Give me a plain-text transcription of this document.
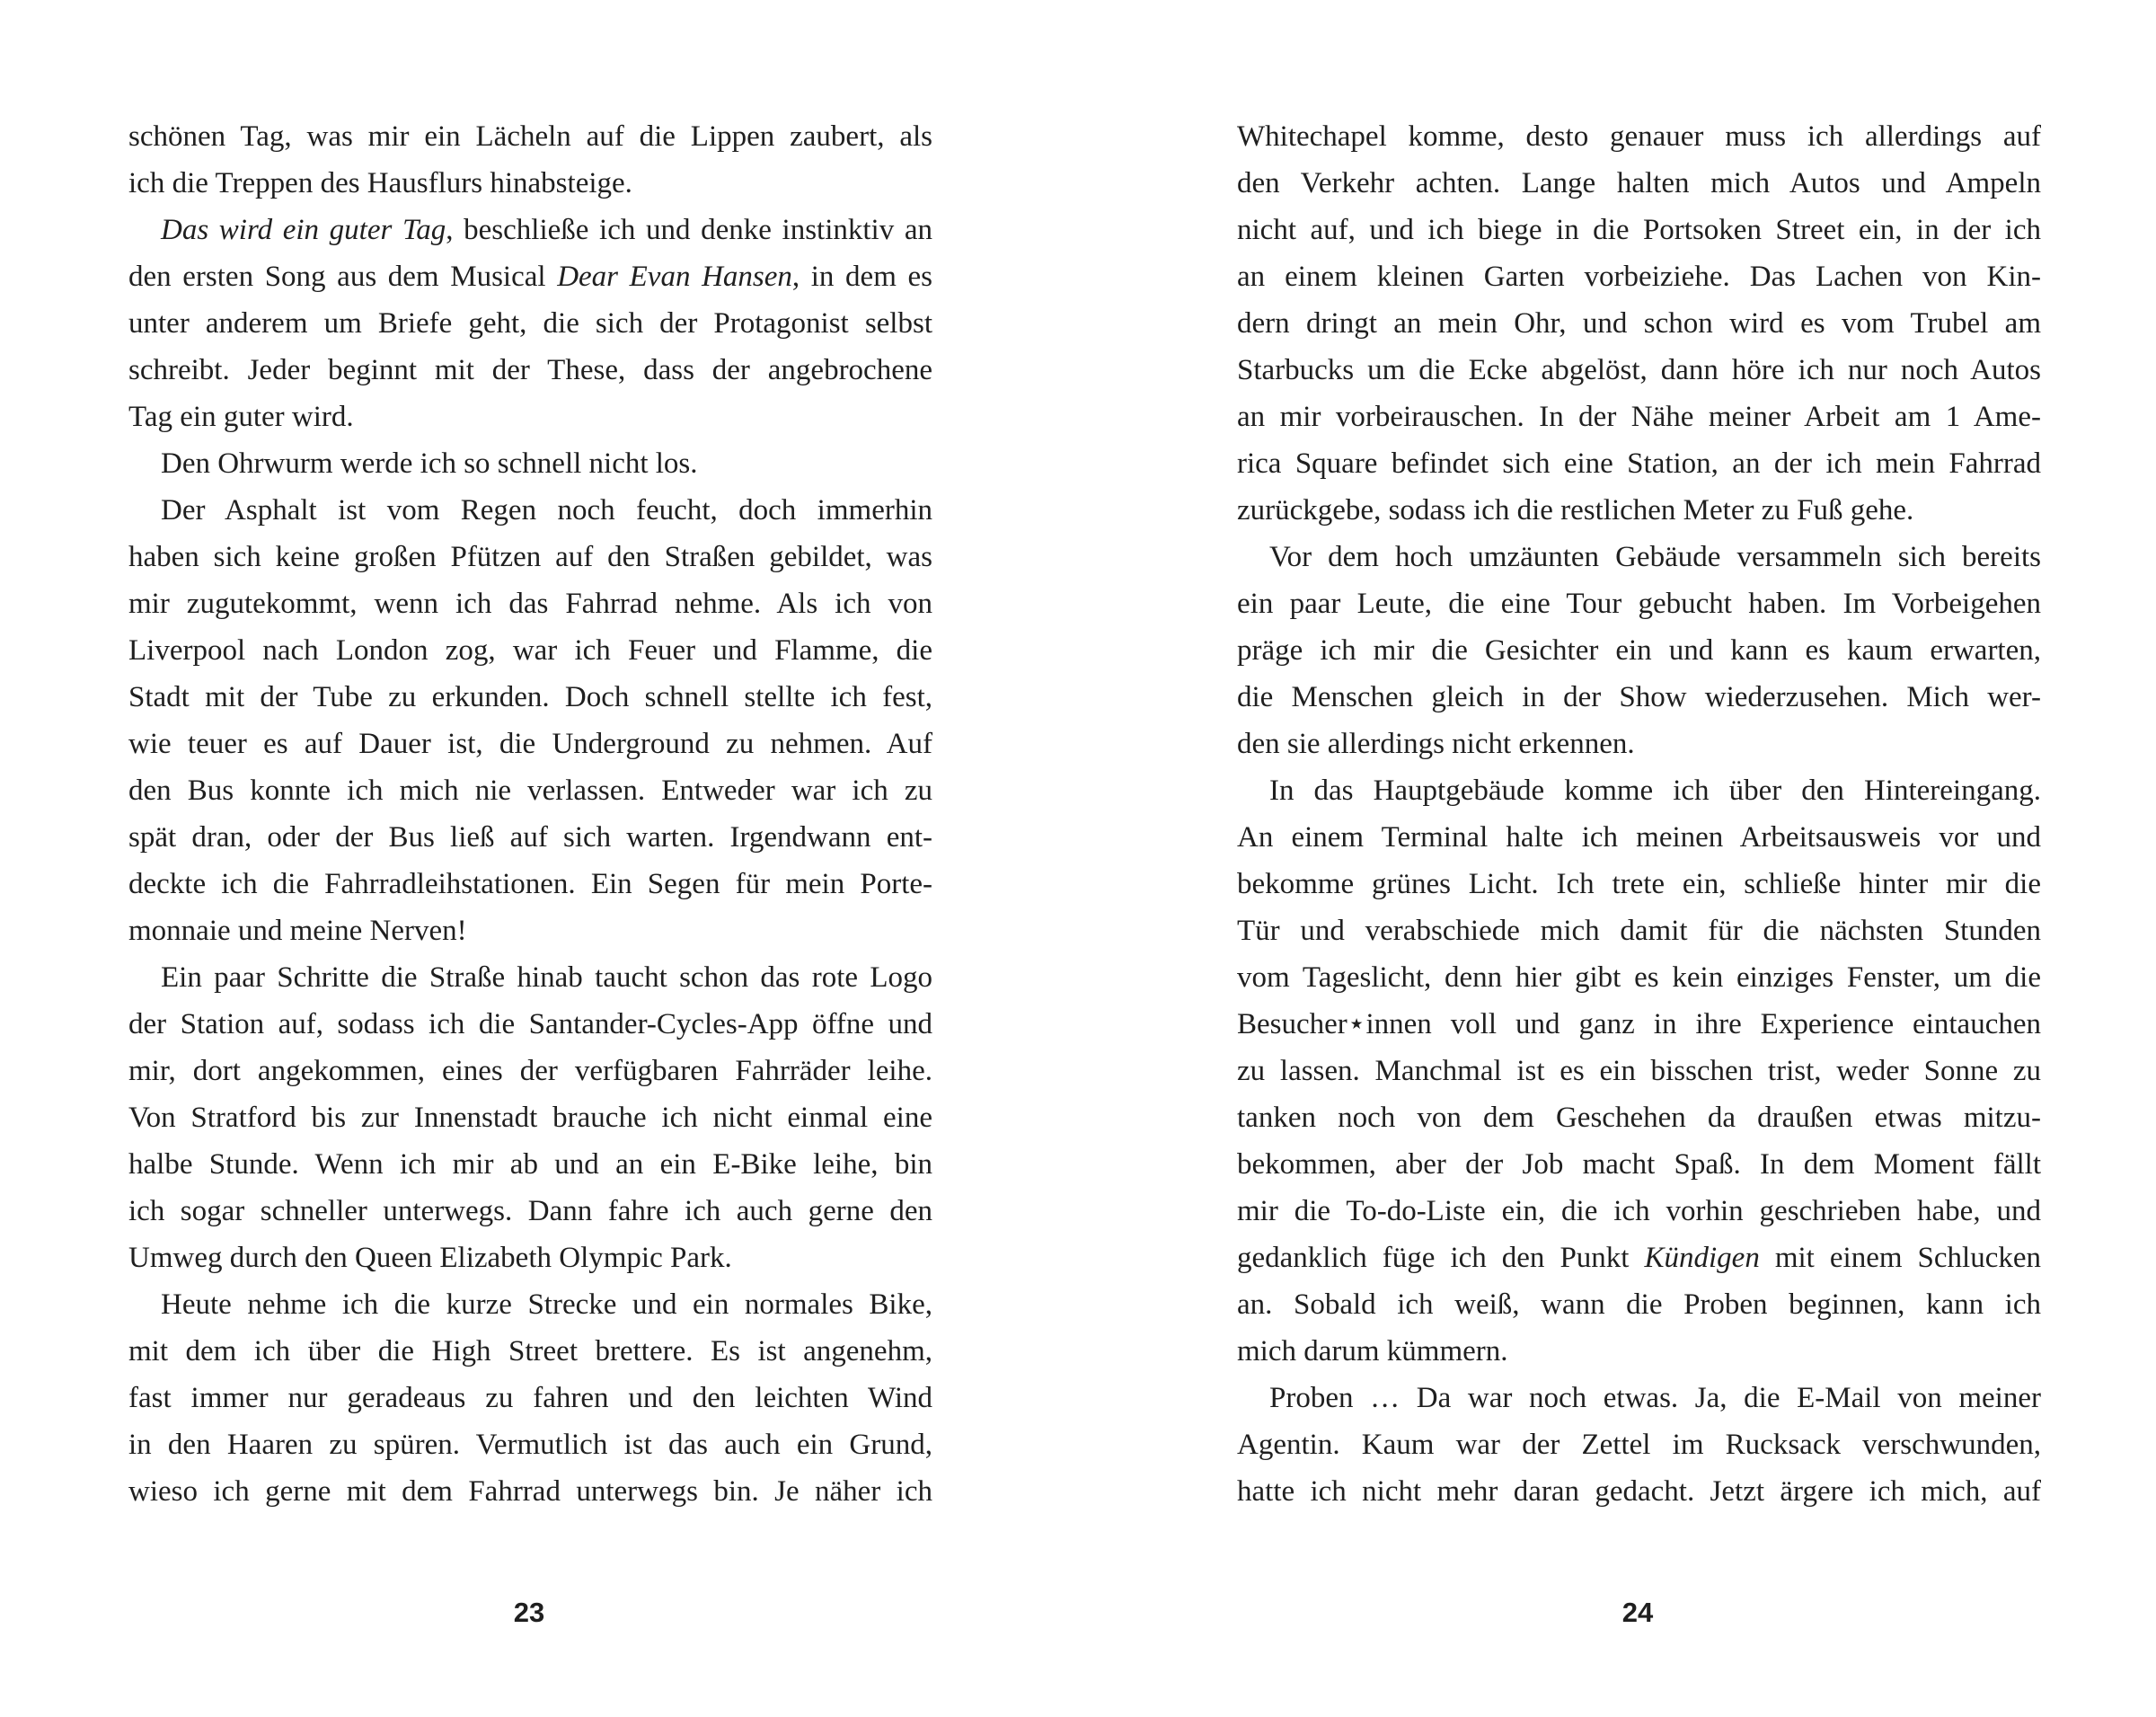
schönen Tag, was mir ein Lächeln auf die Lippen zaubert, als
ich die Treppen des Hausflurs hinabsteige.
Das wird ein guter Tag, beschließe ich und denke instinktiv an
den ersten Song aus dem Musical Dear Evan Hansen, in dem es
unter anderem um Briefe geht, die sich der Protagonist selbst
schreibt. Jeder beginnt mit der These, dass der angebrochene
Tag ein guter wird.
Den Ohrwurm werde ich so schnell nicht los.
Der Asphalt ist vom Regen noch feucht, doch immerhin
haben sich keine großen Pfützen auf den Straßen gebildet, was
mir zugutekommt, wenn ich das Fahrrad nehme. Als ich von
Liverpool nach London zog, war ich Feuer und Flamme, die
Stadt mit der Tube zu erkunden. Doch schnell stellte ich fest,
wie teuer es auf Dauer ist, die Underground zu nehmen. Auf
den Bus konnte ich mich nie verlassen. Entweder war ich zu
spät dran, oder der Bus ließ auf sich warten. Irgendwann ent-
deckte ich die Fahrradleihstationen. Ein Segen für mein Porte-
monnaie und meine Nerven!
Ein paar Schritte die Straße hinab taucht schon das rote Logo
der Station auf, sodass ich die Santander-Cycles-App öffne und
mir, dort angekommen, eines der verfügbaren Fahrräder leihe.
Von Stratford bis zur Innenstadt brauche ich nicht einmal eine
halbe Stunde. Wenn ich mir ab und an ein E-Bike leihe, bin
ich sogar schneller unterwegs. Dann fahre ich auch gerne den
Umweg durch den Queen Elizabeth Olympic Park.
Heute nehme ich die kurze Strecke und ein normales Bike,
mit dem ich über die High Street brettere. Es ist angenehm,
fast immer nur geradeaus zu fahren und den leichten Wind
in den Haaren zu spüren. Vermutlich ist das auch ein Grund,
wieso ich gerne mit dem Fahrrad unterwegs bin. Je näher ich
Whitechapel komme, desto genauer muss ich allerdings auf
den Verkehr achten. Lange halten mich Autos und Ampeln
nicht auf, und ich biege in die Portsoken Street ein, in der ich
an einem kleinen Garten vorbeiziehe. Das Lachen von Kin-
dern dringt an mein Ohr, und schon wird es vom Trubel am
Starbucks um die Ecke abgelöst, dann höre ich nur noch Autos
an mir vorbeirauschen. In der Nähe meiner Arbeit am 1 Ame-
rica Square befindet sich eine Station, an der ich mein Fahrrad
zurückgebe, sodass ich die restlichen Meter zu Fuß gehe.
Vor dem hoch umzäunten Gebäude versammeln sich bereits
ein paar Leute, die eine Tour gebucht haben. Im Vorbeigehen
präge ich mir die Gesichter ein und kann es kaum erwarten,
die Menschen gleich in der Show wiederzusehen. Mich wer-
den sie allerdings nicht erkennen.
In das Hauptgebäude komme ich über den Hintereingang.
An einem Terminal halte ich meinen Arbeitsausweis vor und
bekomme grünes Licht. Ich trete ein, schließe hinter mir die
Tür und verabschiede mich damit für die nächsten Stunden
vom Tageslicht, denn hier gibt es kein einziges Fenster, um die
Besucher⋆innen voll und ganz in ihre Experience eintauchen
zu lassen. Manchmal ist es ein bisschen trist, weder Sonne zu
tanken noch von dem Geschehen da draußen etwas mitzu-
bekommen, aber der Job macht Spaß. In dem Moment fällt
mir die To-do-Liste ein, die ich vorhin geschrieben habe, und
gedanklich füge ich den Punkt Kündigen mit einem Schlucken
an. Sobald ich weiß, wann die Proben beginnen, kann ich
mich darum kümmern.
Proben … Da war noch etwas. Ja, die E-Mail von meiner
Agentin. Kaum war der Zettel im Rucksack verschwunden,
hatte ich nicht mehr daran gedacht. Jetzt ärgere ich mich, auf
23	24
